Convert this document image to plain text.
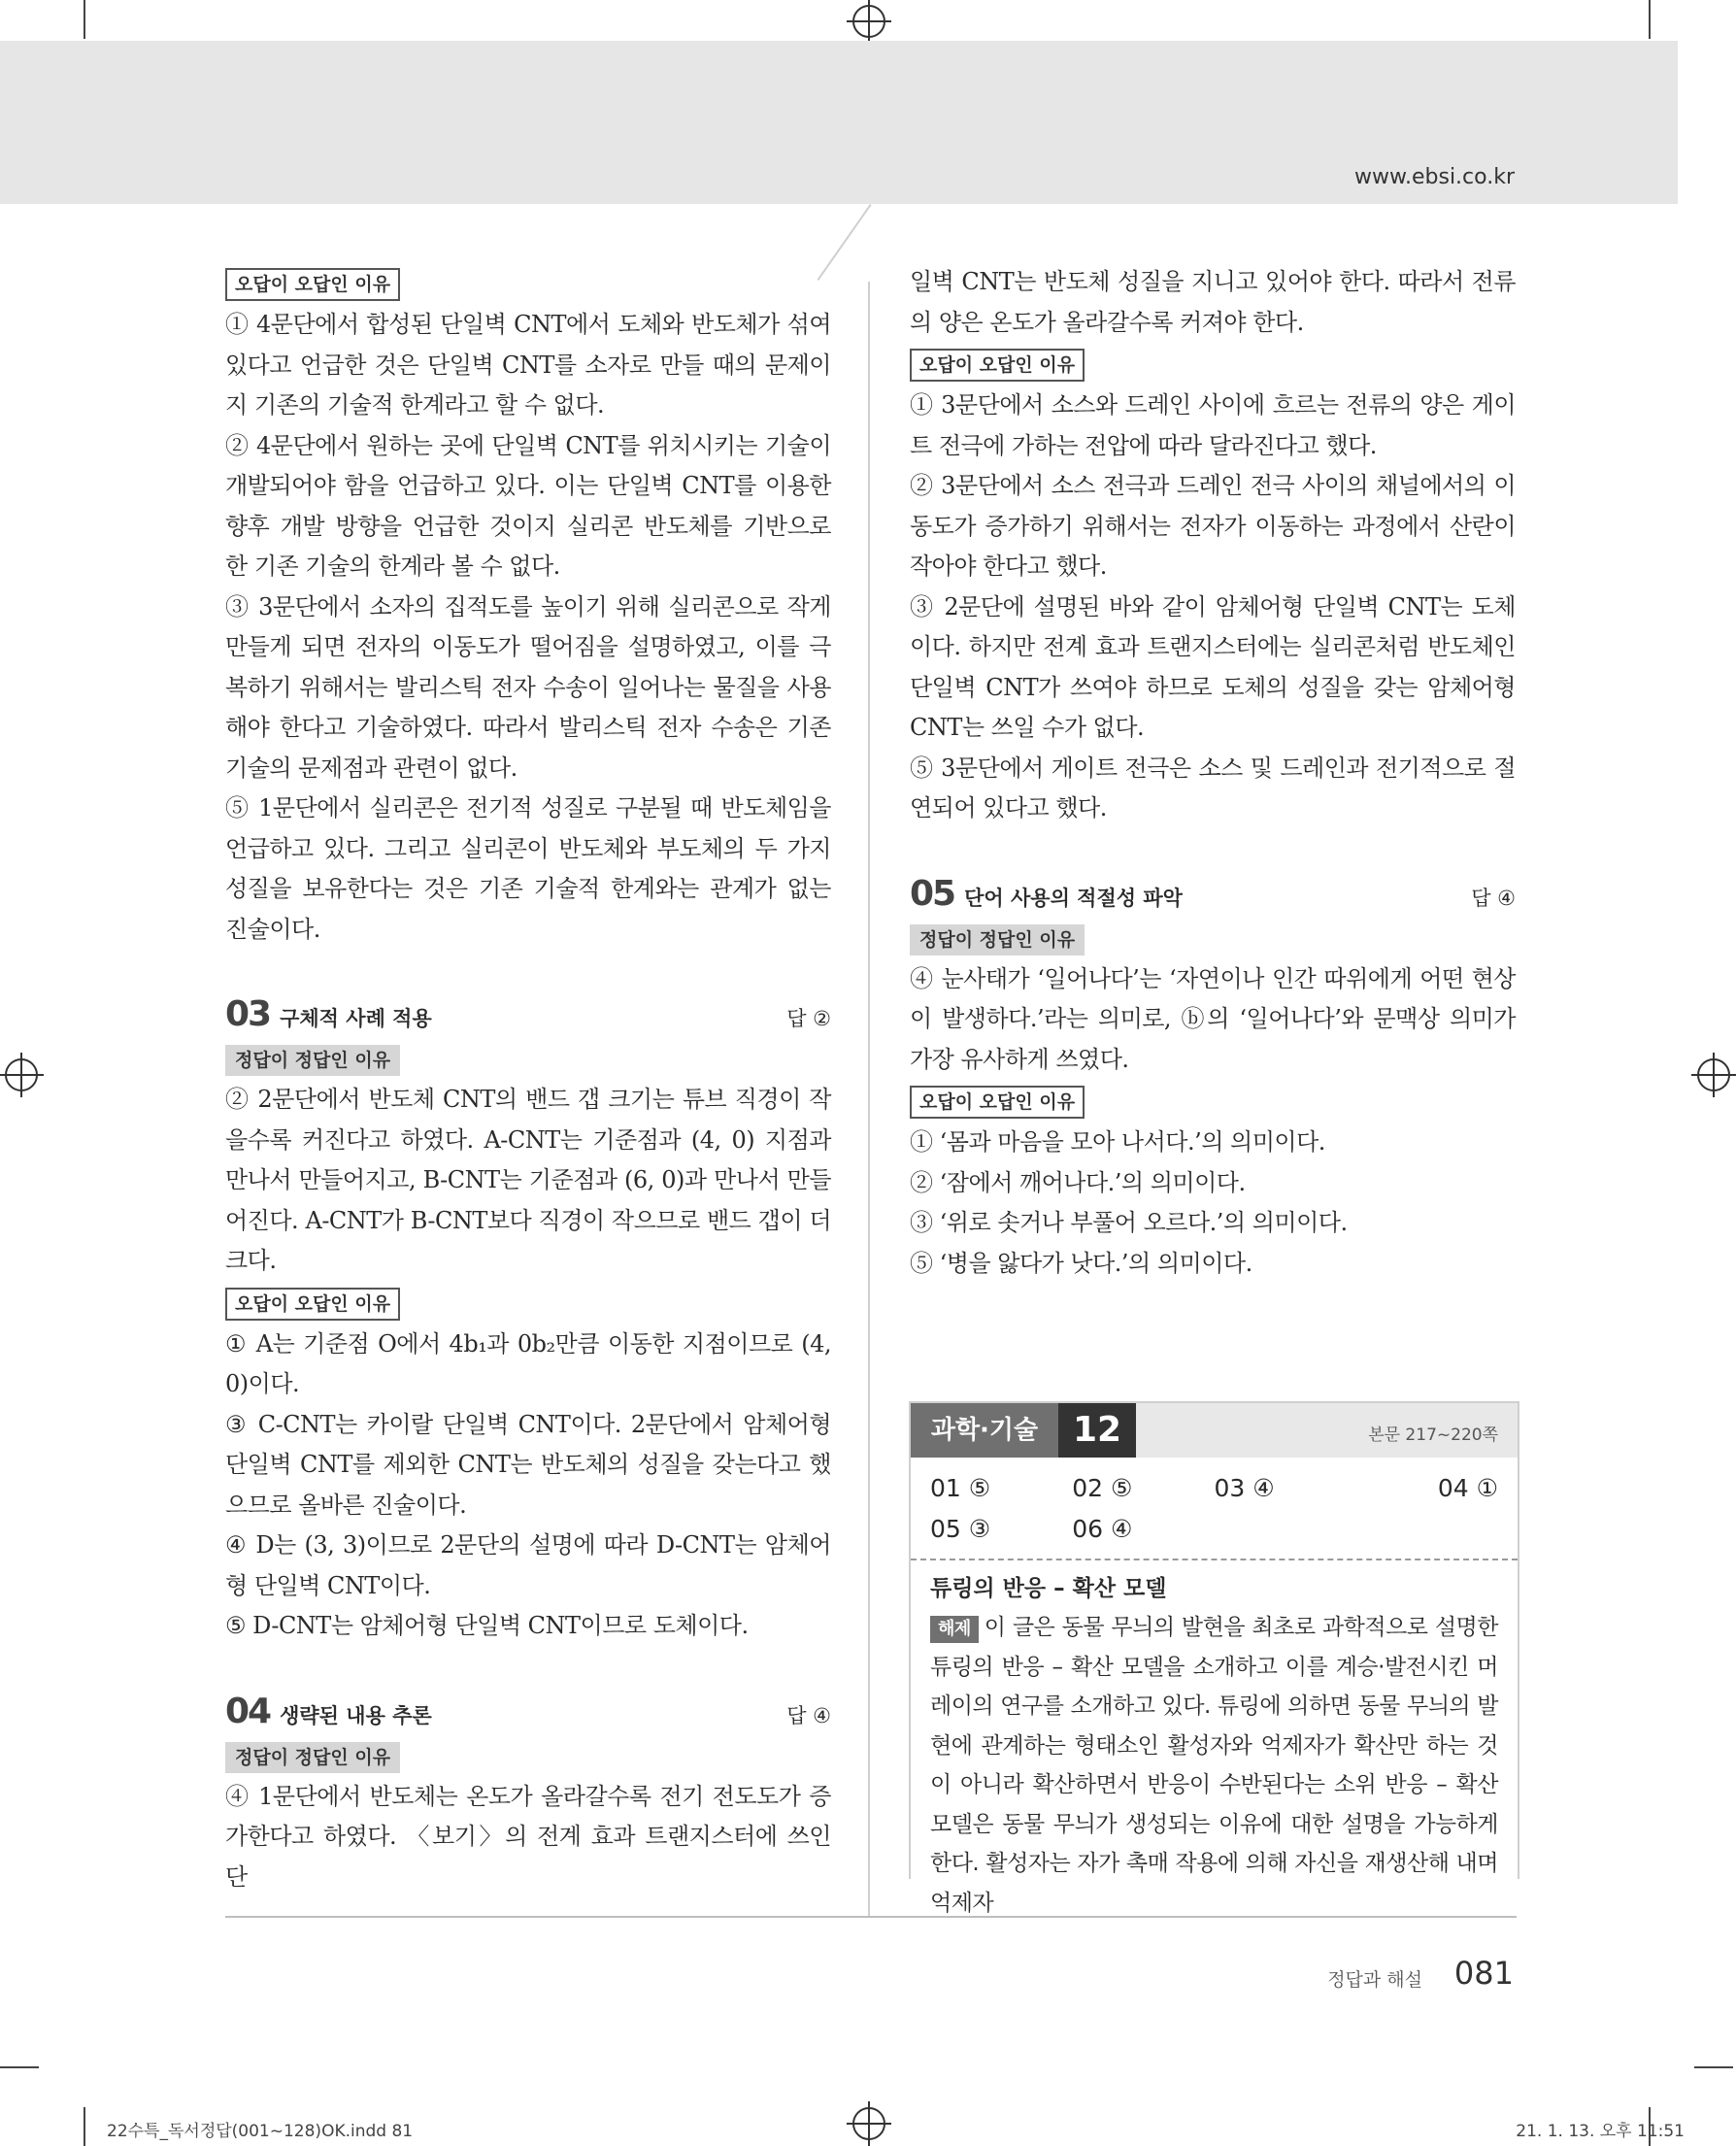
www.ebsi.co.kr
오답이 오답인 이유

① 4문단에서 합성된 단일벽 CNT에서 도체와 반도체가 섞여 있다고 언급한 것은 단일벽 CNT를 소자로 만들 때의 문제이지 기존의 기술적 한계라고 할 수 없다.

② 4문단에서 원하는 곳에 단일벽 CNT를 위치시키는 기술이 개발되어야 함을 언급하고 있다. 이는 단일벽 CNT를 이용한 향후 개발 방향을 언급한 것이지 실리콘 반도체를 기반으로 한 기존 기술의 한계라 볼 수 없다.

③ 3문단에서 소자의 집적도를 높이기 위해 실리콘으로 작게 만들게 되면 전자의 이동도가 떨어짐을 설명하였고, 이를 극복하기 위해서는 발리스틱 전자 수송이 일어나는 물질을 사용해야 한다고 기술하였다. 따라서 발리스틱 전자 수송은 기존 기술의 문제점과 관련이 없다.

⑤ 1문단에서 실리콘은 전기적 성질로 구분될 때 반도체임을 언급하고 있다. 그리고 실리콘이 반도체와 부도체의 두 가지 성질을 보유한다는 것은 기존 기술적 한계와는 관계가 없는 진술이다.

03 구체적 사례 적용	답 ②
정답이 정답인 이유

② 2문단에서 반도체 CNT의 밴드 갭 크기는 튜브 직경이 작을수록 커진다고 하였다. A-CNT는 기준점과 (4, 0) 지점과 만나서 만들어지고, B-CNT는 기준점과 (6, 0)과 만나서 만들어진다. A-CNT가 B-CNT보다 직경이 작으므로 밴드 갭이 더 크다.

오답이 오답인 이유

① A는 기준점 O에서 4b₁과 0b₂만큼 이동한 지점이므로 (4, 0)이다.

③ C-CNT는 카이랄 단일벽 CNT이다. 2문단에서 암체어형 단일벽 CNT를 제외한 CNT는 반도체의 성질을 갖는다고 했으므로 올바른 진술이다.

④ D는 (3, 3)이므로 2문단의 설명에 따라 D-CNT는 암체어형 단일벽 CNT이다.

⑤ D-CNT는 암체어형 단일벽 CNT이므로 도체이다.

04 생략된 내용 추론	답 ④
정답이 정답인 이유

④ 1문단에서 반도체는 온도가 올라갈수록 전기 전도도가 증가한다고 하였다. 〈보기〉의 전계 효과 트랜지스터에 쓰인 단

일벽 CNT는 반도체 성질을 지니고 있어야 한다. 따라서 전류의 양은 온도가 올라갈수록 커져야 한다.

오답이 오답인 이유

① 3문단에서 소스와 드레인 사이에 흐르는 전류의 양은 게이트 전극에 가하는 전압에 따라 달라진다고 했다.

② 3문단에서 소스 전극과 드레인 전극 사이의 채널에서의 이동도가 증가하기 위해서는 전자가 이동하는 과정에서 산란이 작아야 한다고 했다.

③ 2문단에 설명된 바와 같이 암체어형 단일벽 CNT는 도체이다. 하지만 전계 효과 트랜지스터에는 실리콘처럼 반도체인 단일벽 CNT가 쓰여야 하므로 도체의 성질을 갖는 암체어형 CNT는 쓰일 수가 없다.

⑤ 3문단에서 게이트 전극은 소스 및 드레인과 전기적으로 절연되어 있다고 했다.

05 단어 사용의 적절성 파악	답 ④
정답이 정답인 이유

④ 눈사태가 ‘일어나다’는 ‘자연이나 인간 따위에게 어떤 현상이 발생하다.’라는 의미로, ⓑ의 ‘일어나다’와 문맥상 의미가 가장 유사하게 쓰였다.

오답이 오답인 이유

① ‘몸과 마음을 모아 나서다.’의 의미이다.

② ‘잠에서 깨어나다.’의 의미이다.

③ ‘위로 솟거나 부풀어 오르다.’의 의미이다.

⑤ ‘병을 앓다가 낫다.’의 의미이다.

과학·기술 12	본문 217~220쪽
01 ⑤	02 ⑤	03 ④	04 ①
05 ③	06 ④
튜링의 반응 – 확산 모델
해제 이 글은 동물 무늬의 발현을 최초로 과학적으로 설명한 튜링의 반응 – 확산 모델을 소개하고 이를 계승·발전시킨 머레이의 연구를 소개하고 있다. 튜링에 의하면 동물 무늬의 발현에 관계하는 형태소인 활성자와 억제자가 확산만 하는 것이 아니라 확산하면서 반응이 수반된다는 소위 반응 – 확산 모델은 동물 무늬가 생성되는 이유에 대한 설명을 가능하게 한다. 활성자는 자가 촉매 작용에 의해 자신을 재생산해 내며 억제자
정답과 해설 081
22수특_독서정답(001~128)OK.indd 81	21. 1. 13. 오후 11:51
